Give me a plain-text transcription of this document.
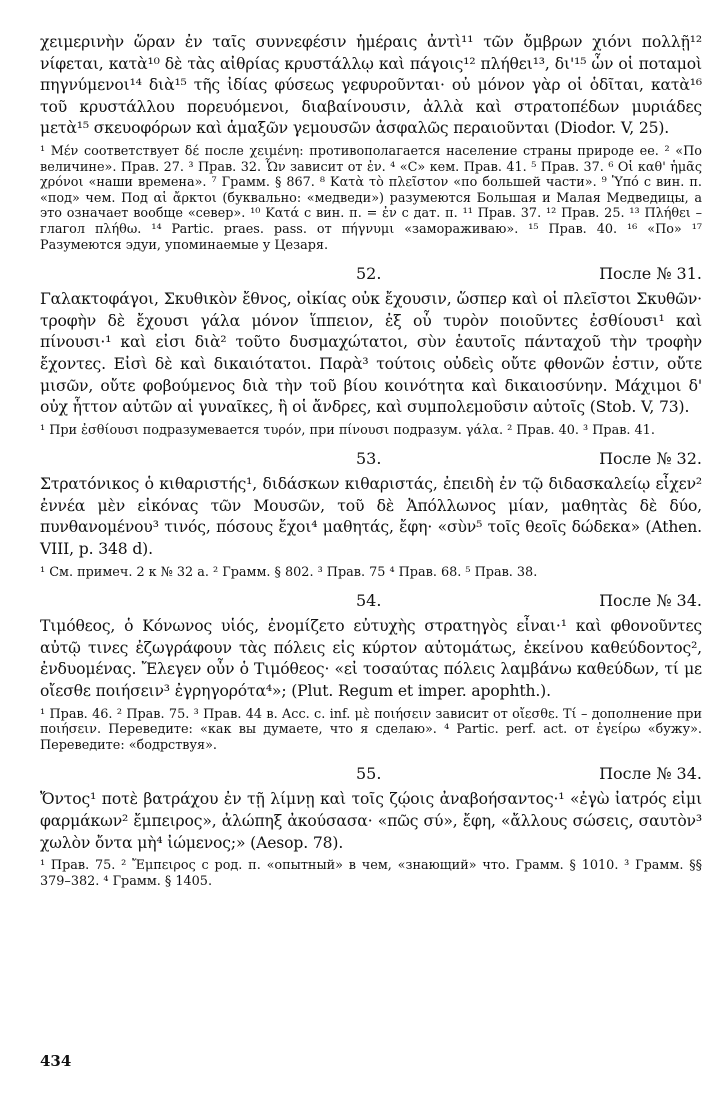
χειμερινὴν ὥραν ἐν ταῖς συννεφέσιν ἡμέραις ἀντὶ¹¹ τῶν ὄμβρων χιόνι πολλῇ¹² νίφεται, κατὰ¹⁰ δὲ τὰς αἰθρίας κρυστάλλῳ καὶ πάγοις¹² πλήθει¹³, δι'¹⁵ ὧν οἱ ποταμοὶ πηγνύμενοι¹⁴ διὰ¹⁵ τῆς ἰδίας φύσεως γεφυροῦνται· οὐ μόνον γὰρ οἱ ὁδῖται, κατὰ¹⁶ τοῦ κρυστάλλου πορευόμενοι, διαβαίνουσιν, ἀλλὰ καὶ στρατοπέδων μυριάδες μετὰ¹⁵ σκευοφόρων καὶ ἁμαξῶν γεμουσῶν ἀσφαλῶς περαιοῦνται (Diodor. V, 25).

¹ Μέν соответствует δέ после χειμένη: противополагается население страны природе ее. ² «По величине». Прав. 27. ³ Прав. 32. Ὧν зависит от ἐν. ⁴ «С» кем. Прав. 41. ⁵ Прав. 37. ⁶ Οἱ καθ' ἡμᾶς χρόνοι «наши времена». ⁷ Грамм. § 867. ⁸ Κατὰ τὸ πλεῖστον «по большей части». ⁹ Ὑπό с вин. п. «под» чем. Под αἱ ἄρκτοι (буквально: «медведи») разумеются Большая и Малая Медведицы, а это означает вообще «север». ¹⁰ Κατά с вин. п. = ἐν с дат. п. ¹¹ Прав. 37. ¹² Прав. 25. ¹³ Πλήθει – глагол πλήθω. ¹⁴ Partic. praes. pass. от πήγνυμι «замораживаю». ¹⁵ Прав. 40. ¹⁶ «По» ¹⁷ Разумеются эдуи, упоминаемые у Цезаря.

52.	После № 31.

Γαλακτοφάγοι, Σκυθικὸν ἔθνος, οἰκίας οὐκ ἔχουσιν, ὥσπερ καὶ οἱ πλεῖστοι Σκυθῶν· τροφὴν δὲ ἔχουσι γάλα μόνον ἵππειον, ἐξ οὗ τυρὸν ποιοῦντες ἐσθίουσι¹ καὶ πίνουσι·¹ καὶ εἰσι διὰ² τοῦτο δυσμαχώτατοι, σὺν ἑαυτοῖς πάνταχοῦ τὴν τροφὴν ἔχοντες. Εἰσὶ δὲ καὶ δικαιότατοι. Παρὰ³ τούτοις οὐδεὶς οὔτε φθονῶν ἐστιν, οὔτε μισῶν, οὔτε φοβούμενος διὰ τὴν τοῦ βίου κοινότητα καὶ δικαιοσύνην. Μάχιμοι δ' οὐχ ἧττον αὐτῶν αἱ γυναῖκες, ἢ οἱ ἄνδρες, καὶ συμπολεμοῦσιν αὐτοῖς (Stob. V, 73).

¹ При ἐσθίουσι подразумевается τυρόν, при πίνουσι подразум. γάλα. ² Прав. 40. ³ Прав. 41.

53.	После № 32.

Στρατόνικος ὁ κιθαριστής¹, διδάσκων κιθαριστάς, ἐπειδὴ ἐν τῷ διδασκαλείῳ εἶχεν² ἐννέα μὲν εἰκόνας τῶν Μουσῶν, τοῦ δὲ Ἀπόλλωνος μίαν, μαθητὰς δὲ δύο, πυνθανομένου³ τινός, πόσους ἔχοι⁴ μαθητάς, ἔφη· «σὺν⁵ τοῖς θεοῖς δώδεκα» (Athen. VIII, p. 348 d).

¹ См. примеч. 2 к № 32 а. ² Грамм. § 802. ³ Прав. 75 ⁴ Прав. 68. ⁵ Прав. 38.

54.	После № 34.

Τιμόθεος, ὁ Κόνωνος υἱός, ἐνομίζετο εὐτυχὴς στρατηγὸς εἶναι·¹ καὶ φθονοῦντες αὐτῷ τινες ἐζωγράφουν τὰς πόλεις εἰς κύρτον αὐτομάτως, ἐκείνου καθεύδοντος², ἐνδυομένας. Ἔλεγεν οὖν ὁ Τιμόθεος· «εἰ τοσαύτας πόλεις λαμβάνω καθεύδων, τί με οἴεσθε ποιήσειν³ ἐγρηγορότα⁴»; (Plut. Regum et imper. apophth.).

¹ Прав. 46. ² Прав. 75. ³ Прав. 44 в. Acc. c. inf. μὲ ποιήσειν зависит от οἴεσθε. Τί – дополнение при ποιήσειν. Переведите: «как вы думаете, что я сделаю». ⁴ Partic. perf. act. от ἐγείρω «бужу». Переведите: «бодрствуя».

55.	После № 34.

Ὄντος¹ ποτὲ βατράχου ἐν τῇ λίμνῃ καὶ τοῖς ζῴοις ἀναβοήσαντος·¹ «ἐγὼ ἰατρός εἰμι φαρμάκων² ἔμπειρος», ἀλώπηξ ἀκούσασα· «πῶς σύ», ἔφη, «ἄλλους σώσεις, σαυτὸν³ χωλὸν ὄντα μὴ⁴ ἰώμενος;» (Aesop. 78).

¹ Прав. 75. ² Ἔμπειρος с род. п. «опытный» в чем, «знающий» что. Грамм. § 1010. ³ Грамм. §§ 379–382. ⁴ Грамм. § 1405.

434
